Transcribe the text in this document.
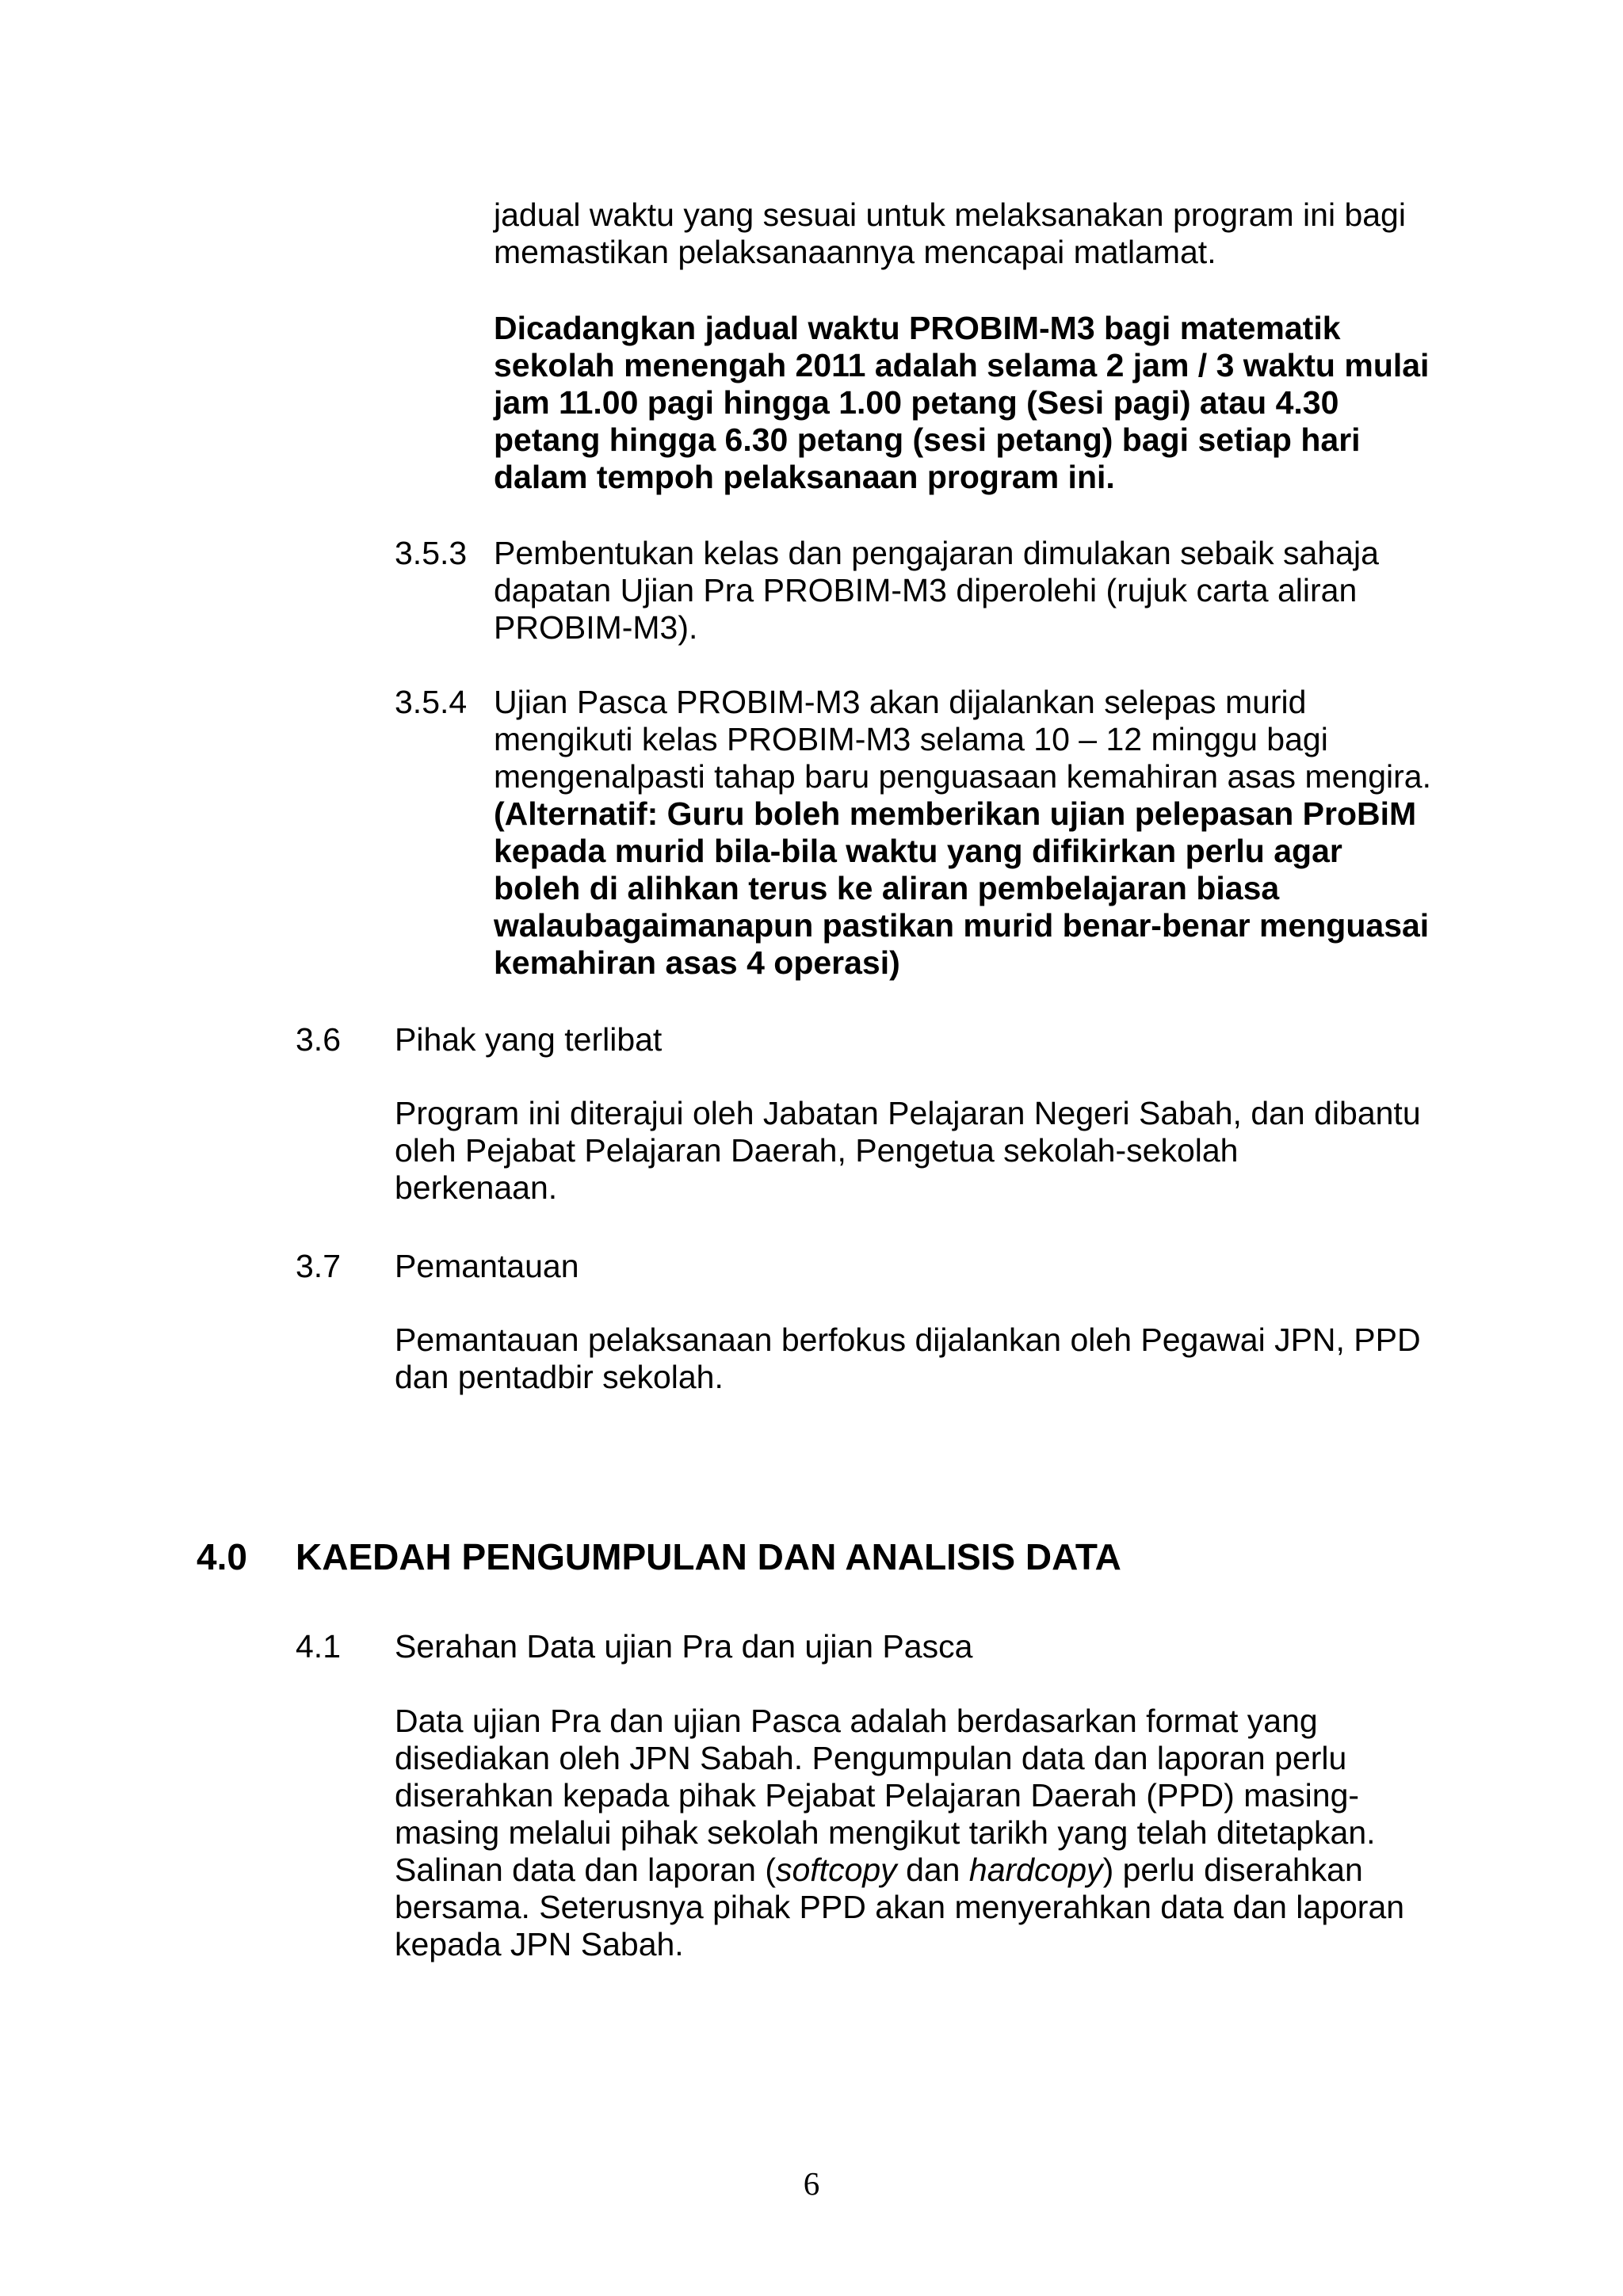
jadual waktu yang sesuai untuk melaksanakan program ini bagi
memastikan pelaksanaannya mencapai matlamat.
Dicadangkan jadual waktu PROBIM-M3 bagi matematik
sekolah menengah 2011 adalah selama 2 jam / 3 waktu mulai
jam 11.00 pagi hingga 1.00 petang (Sesi pagi) atau 4.30
petang hingga 6.30 petang (sesi petang) bagi setiap hari
dalam tempoh pelaksanaan program ini.
3.5.3 Pembentukan kelas dan pengajaran dimulakan sebaik sahaja
dapatan Ujian Pra PROBIM-M3 diperolehi (rujuk carta aliran
PROBIM-M3).
3.5.4 Ujian Pasca PROBIM-M3 akan dijalankan selepas murid
mengikuti kelas PROBIM-M3 selama 10 – 12 minggu bagi
mengenalpasti tahap baru penguasaan kemahiran asas mengira.
(Alternatif: Guru boleh memberikan ujian pelepasan ProBiM
kepada murid bila-bila waktu yang difikirkan perlu agar
boleh di alihkan terus ke aliran pembelajaran biasa
walaubagaimanapun pastikan murid benar-benar menguasai
kemahiran asas 4 operasi)
3.6 Pihak yang terlibat
Program ini diterajui oleh Jabatan Pelajaran Negeri Sabah, dan dibantu
oleh Pejabat Pelajaran Daerah, Pengetua sekolah-sekolah
berkenaan.
3.7 Pemantauan
Pemantauan pelaksanaan berfokus dijalankan oleh Pegawai JPN, PPD
dan pentadbir sekolah.
4.0 KAEDAH PENGUMPULAN DAN ANALISIS DATA
4.1 Serahan Data ujian Pra dan ujian Pasca
Data ujian Pra dan ujian Pasca adalah berdasarkan format yang
disediakan oleh JPN Sabah. Pengumpulan data dan laporan perlu
diserahkan kepada pihak Pejabat Pelajaran Daerah (PPD) masing-
masing melalui pihak sekolah mengikut tarikh yang telah ditetapkan.
Salinan data dan laporan (softcopy dan hardcopy) perlu diserahkan
bersama. Seterusnya pihak PPD akan menyerahkan data dan laporan
kepada JPN Sabah.
6
